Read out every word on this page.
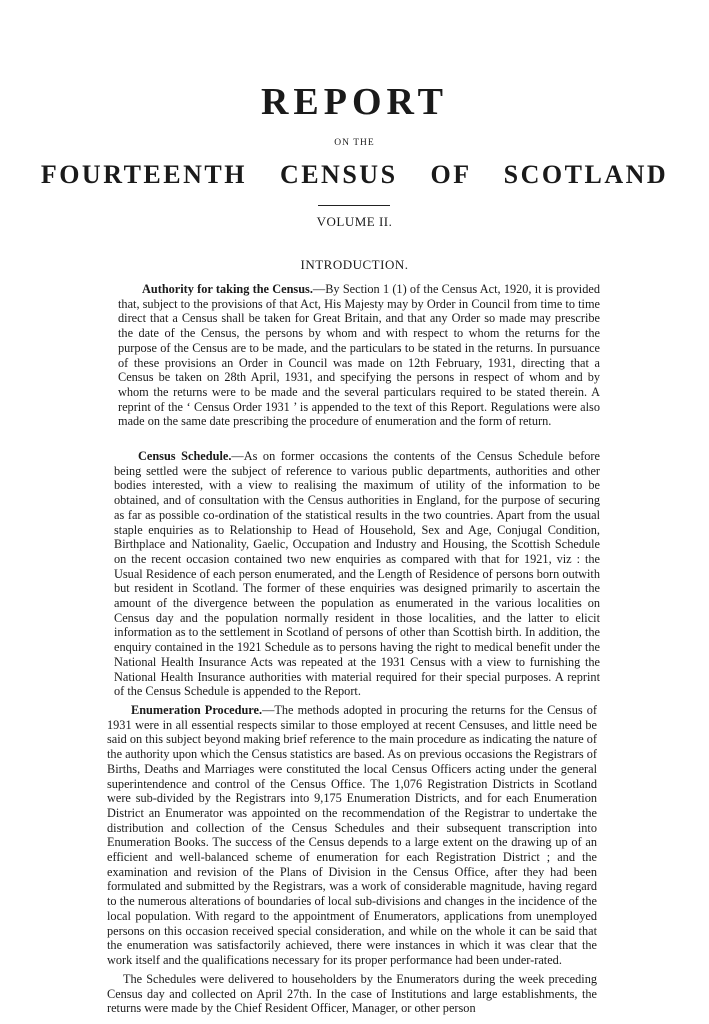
REPORT
ON THE
FOURTEENTH CENSUS OF SCOTLAND
VOLUME II.
INTRODUCTION.

Authority for taking the Census.—By Section 1 (1) of the Census Act, 1920, it is provided that, subject to the provisions of that Act, His Majesty may by Order in Council from time to time direct that a Census shall be taken for Great Britain, and that any Order so made may prescribe the date of the Census, the persons by whom and with respect to whom the returns for the purpose of the Census are to be made, and the particulars to be stated in the returns. In pursuance of these provisions an Order in Council was made on 12th February, 1931, directing that a Census be taken on 28th April, 1931, and specifying the persons in respect of whom and by whom the returns were to be made and the several particulars required to be stated therein. A reprint of the ‘ Census Order 1931 ’ is appended to the text of this Report. Regulations were also made on the same date prescribing the procedure of enumeration and the form of return.

Census Schedule.—As on former occasions the contents of the Census Schedule before being settled were the subject of reference to various public departments, authorities and other bodies interested, with a view to realising the maximum of utility of the information to be obtained, and of consultation with the Census authorities in England, for the purpose of securing as far as possible co-ordination of the statistical results in the two countries. Apart from the usual staple enquiries as to Relationship to Head of Household, Sex and Age, Conjugal Condition, Birthplace and Nationality, Gaelic, Occupation and Industry and Housing, the Scottish Schedule on the recent occasion contained two new enquiries as compared with that for 1921, viz : the Usual Residence of each person enumerated, and the Length of Residence of persons born outwith but resident in Scotland. The former of these enquiries was designed primarily to ascertain the amount of the divergence between the population as enumerated in the various localities on Census day and the population normally resident in those localities, and the latter to elicit information as to the settlement in Scotland of persons of other than Scottish birth. In addition, the enquiry contained in the 1921 Schedule as to persons having the right to medical benefit under the National Health Insurance Acts was repeated at the 1931 Census with a view to furnishing the National Health Insurance authorities with material required for their special purposes. A reprint of the Census Schedule is appended to the Report.

Enumeration Procedure.—The methods adopted in procuring the returns for the Census of 1931 were in all essential respects similar to those employed at recent Censuses, and little need be said on this subject beyond making brief reference to the main procedure as indicating the nature of the authority upon which the Census statistics are based. As on previous occasions the Registrars of Births, Deaths and Marriages were constituted the local Census Officers acting under the general superintendence and control of the Census Office. The 1,076 Registration Districts in Scotland were sub-divided by the Registrars into 9,175 Enumeration Districts, and for each Enumeration District an Enumerator was appointed on the recommendation of the Registrar to undertake the distribution and collection of the Census Schedules and their subsequent transcription into Enumeration Books. The success of the Census depends to a large extent on the drawing up of an efficient and well-balanced scheme of enumeration for each Registration District ; and the examination and revision of the Plans of Division in the Census Office, after they had been formulated and submitted by the Registrars, was a work of considerable magnitude, having regard to the numerous alterations of boundaries of local sub-divisions and changes in the incidence of the local population. With regard to the appointment of Enumerators, applications from unemployed persons on this occasion received special consideration, and while on the whole it can be said that the enumeration was satisfactorily achieved, there were instances in which it was clear that the work itself and the qualifications necessary for its proper performance had been under-rated.

The Schedules were delivered to householders by the Enumerators during the week preceding Census day and collected on April 27th. In the case of Institutions and large establishments, the returns were made by the Chief Resident Officer, Manager, or other person
